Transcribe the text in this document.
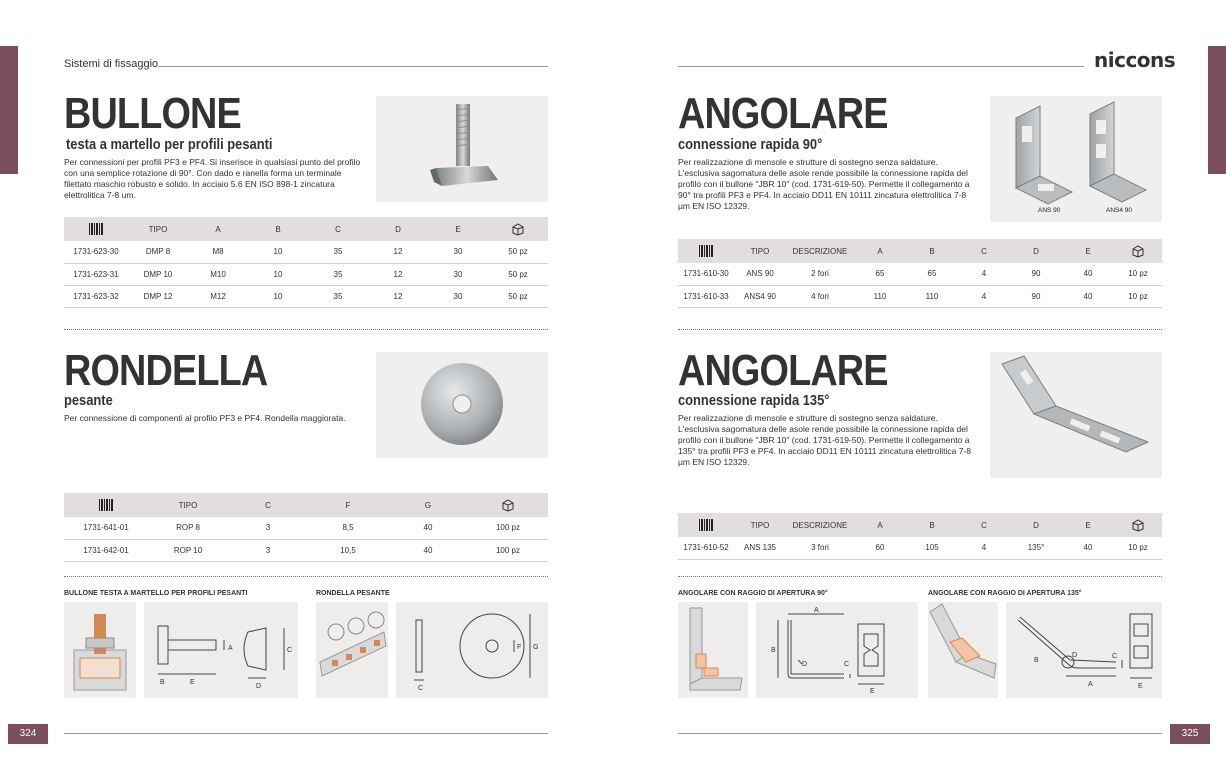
Sistemi di fissaggio	niccons
BULLONE
testa a martello per profili pesanti
Per connessioni per profili PF3 e PF4. Si inserisce in qualsiasi punto del profilo con una semplice rotazione di 90°. Con dado e ranella forma un terminale filettato maschio robusto e solido. In acciaio 5.6 EN ISO 898-1 zincatura elettrolitica 7-8 um.
	TIPO	A	B	C	D	E	
1731-623-30	DMP 8	M8	10	35	12	30	50 pz
1731-623-31	DMP 10	M10	10	35	12	30	50 pz
1731-623-32	DMP 12	M12	10	35	12	30	50 pz
RONDELLA
pesante
Per connessione di componenti al profilo PF3 e PF4. Rondella maggiorata.
	TIPO	C	F	G	
1731-641-01	ROP 8	3	8,5	40	100 pz
1731-642-01	ROP 10	3	10,5	40	100 pz
BULLONE TESTA A MARTELLO PER PROFILI PESANTI	RONDELLA PESANTE
A	C
B	E
D	C
F G
324
ANGOLARE
connessione rapida 90°
Per realizzazione di mensole e strutture di sostegno senza saldature. L'esclusiva sagomatura delle asole rende possibile la connessione rapida del profilo con il bullone "JBR 10" (cod. 1731-619-50). Permette il collegamento a 90° tra profili PF3 e PF4. In acciaio DD11 EN 10111 zincatura elettrolitica 7-8 µm EN ISO 12329.	ANS 90	ANS4 90
	TIPO	DESCRIZIONE	A	B	C	D	E	
1731-610-30	ANS 90	2 fori	65	65	4	90	40	10 pz
1731-610-33	ANS4 90	4 fori	110	110	4	90	40	10 pz
ANGOLARE
connessione rapida 135°
Per realizzazione di mensole e strutture di sostegno senza saldature. L'esclusiva sagomatura delle asole rende possibile la connessione rapida del profilo con il bullone "JBR 10" (cod. 1731-619-50). Permette il collegamento a 135° tra profili PF3 e PF4. In acciaio DD11 EN 10111 zincatura elettrolitica 7-8 µm EN ISO 12329.
	TIPO	DESCRIZIONE	A	B	C	D	E	
1731-610-52	ANS 135	3 fori	60	105	4	135°	40	10 pz
ANGOLARE CON RAGGIO DI APERTURA 90°	ANGOLARE CON RAGGIO DI APERTURA 135°
A
B
D	C
E
B
D	C
A	E
325
